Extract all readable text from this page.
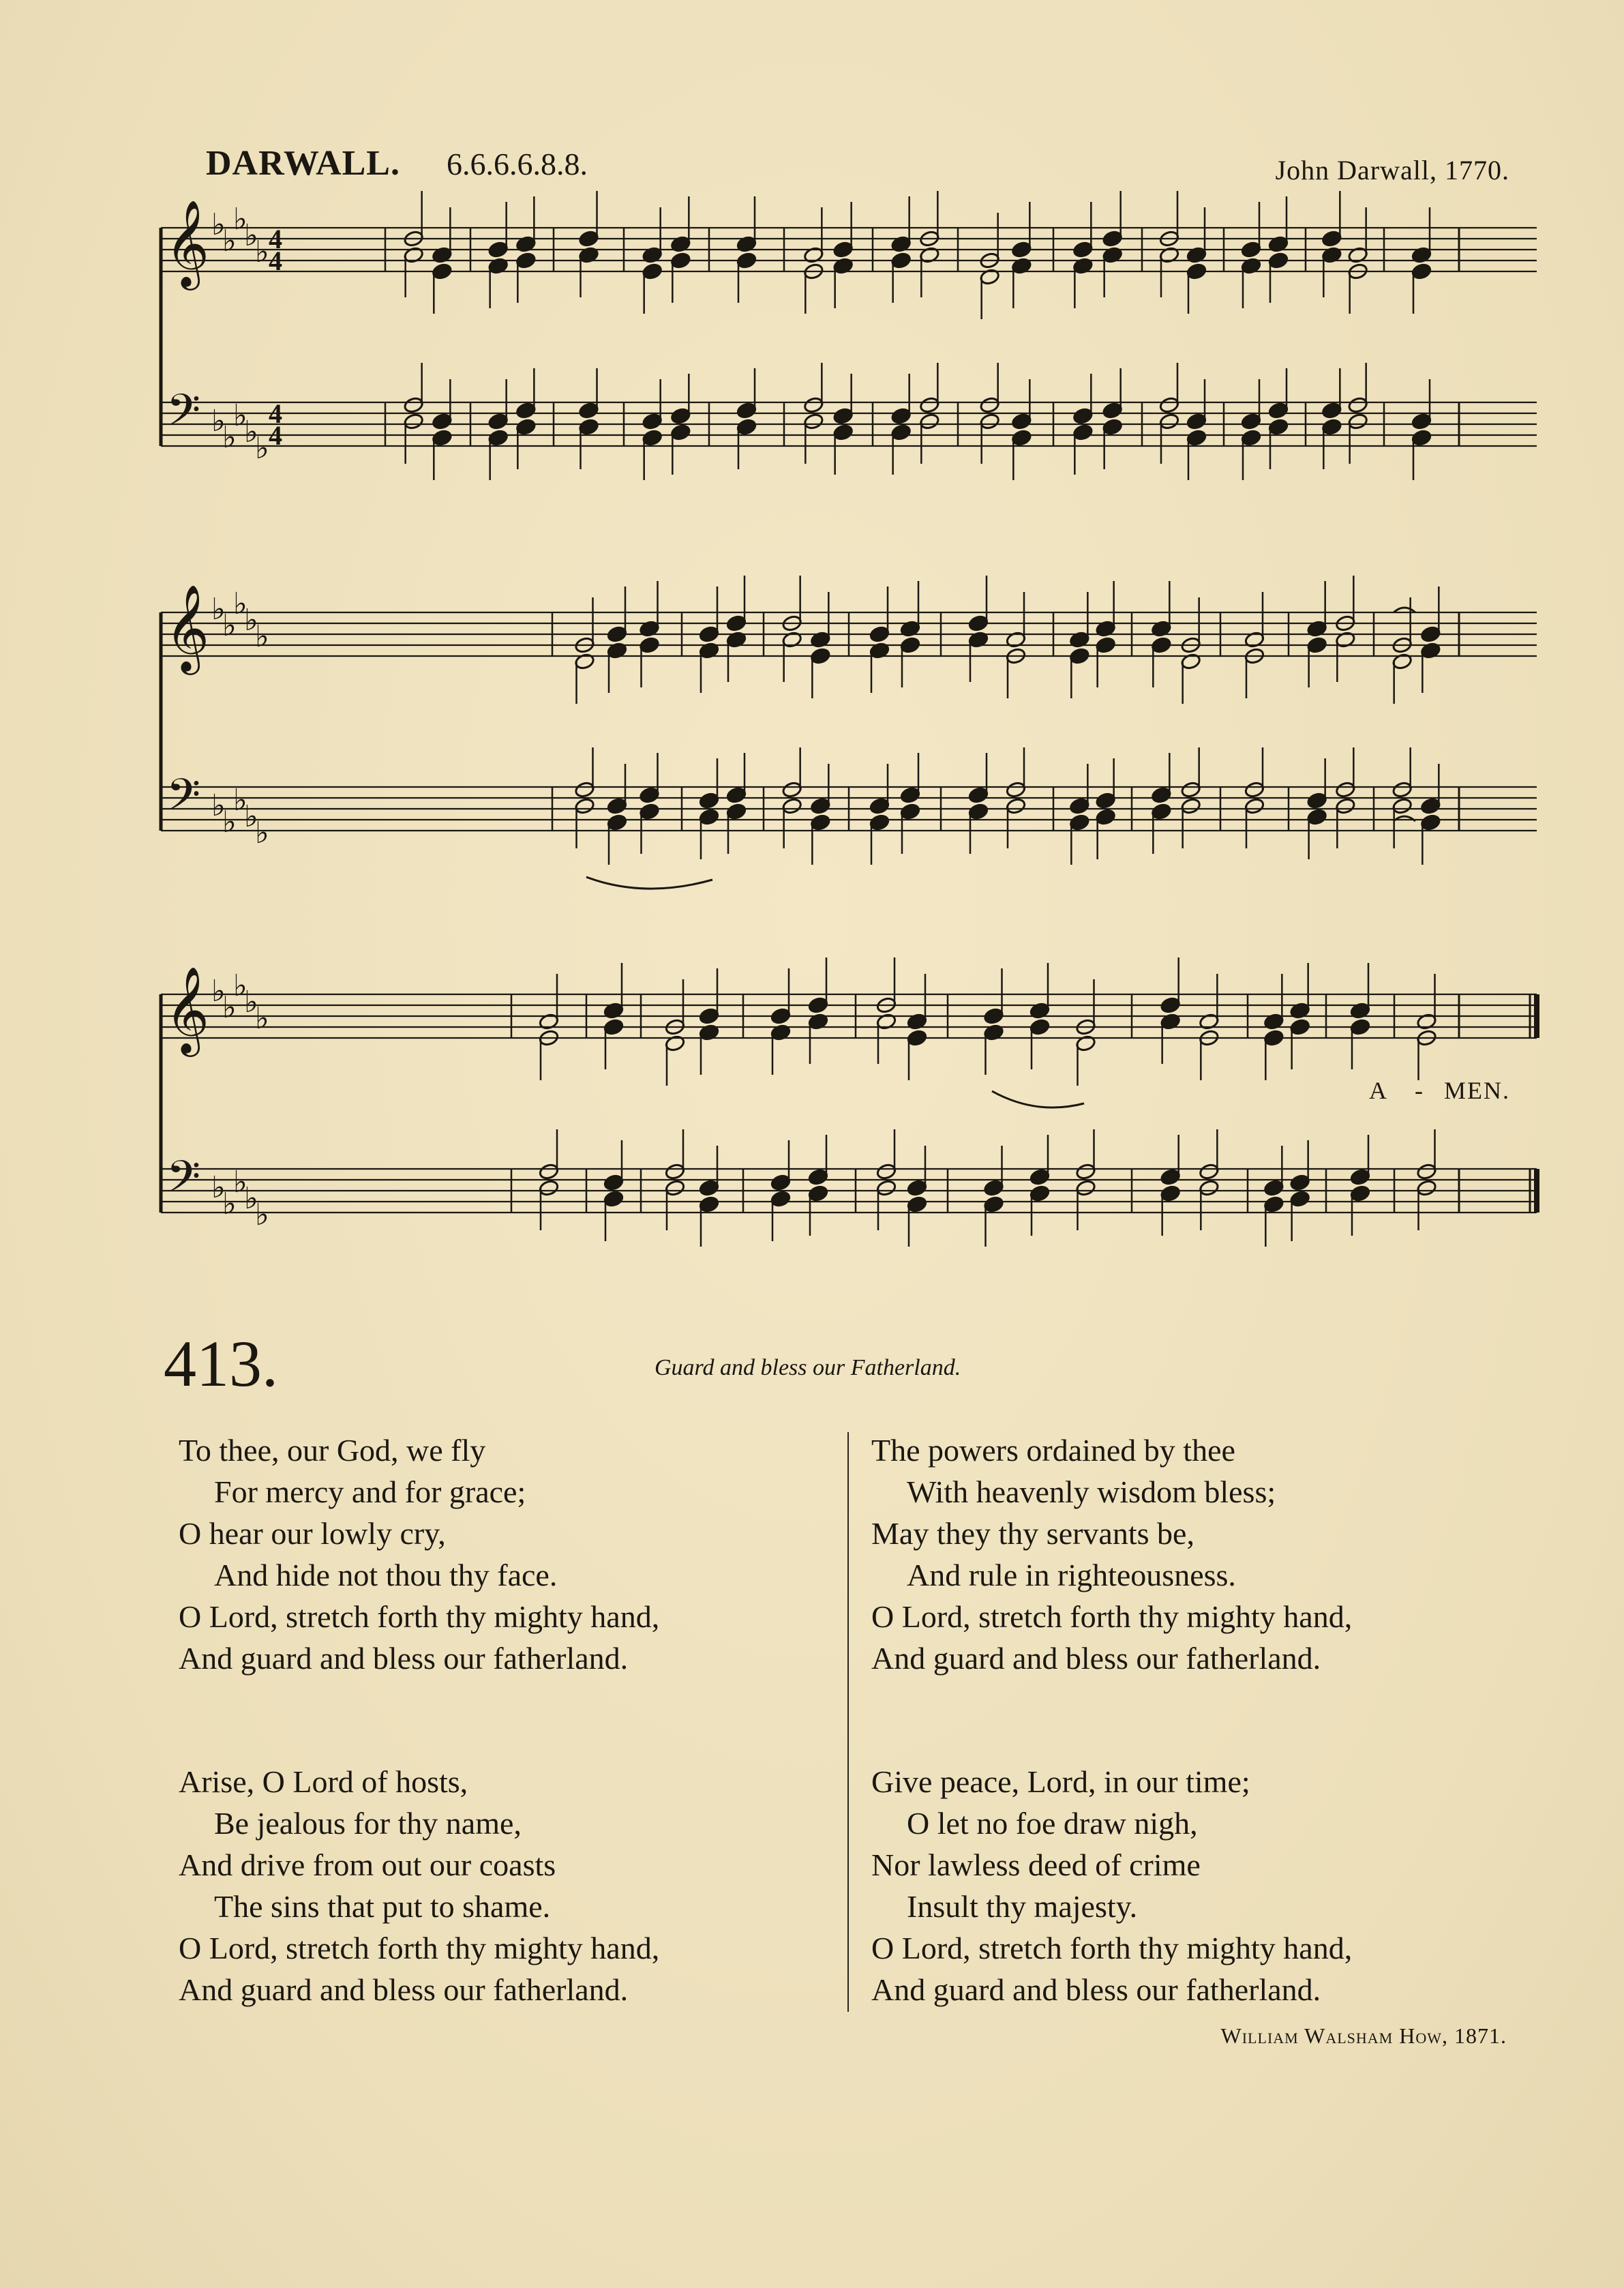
DARWALL. 6.6.6.6.8.8.	John Darwall, 1770.
𝄞
𝄢
♭
♭
♭
♭
♭
♭
♭
♭
♭
♭
4
4
4
4
𝄞
𝄢
♭
♭
♭
♭
♭
♭
♭
♭
♭
♭
𝄞
𝄢
♭
♭
♭
♭
♭
♭
♭
♭
♭
♭
A - MEN.
413.	Guard and bless our Fatherland.
To thee, our God, we fly
For mercy and for grace;
O hear our lowly cry,
And hide not thou thy face.
O Lord, stretch forth thy mighty hand,
And guard and bless our fatherland.
Arise, O Lord of hosts,
Be jealous for thy name,
And drive from out our coasts
The sins that put to shame.
O Lord, stretch forth thy mighty hand,
And guard and bless our fatherland.
The powers ordained by thee
With heavenly wisdom bless;
May they thy servants be,
And rule in righteousness.
O Lord, stretch forth thy mighty hand,
And guard and bless our fatherland.
Give peace, Lord, in our time;
O let no foe draw nigh,
Nor lawless deed of crime
Insult thy majesty.
O Lord, stretch forth thy mighty hand,
And guard and bless our fatherland.
William Walsham How, 1871.
